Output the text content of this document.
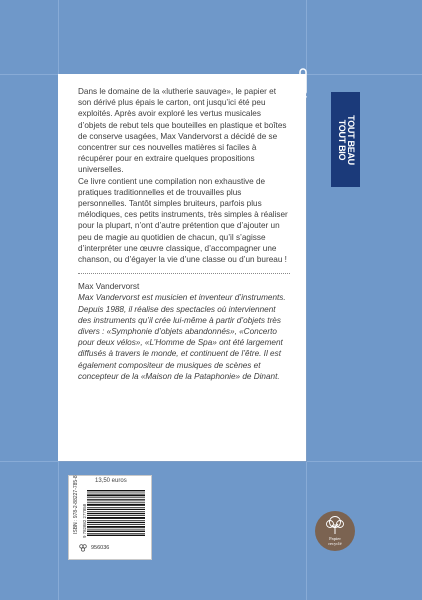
Dans le domaine de la «lutherie sauvage», le papier et son dérivé plus épais le carton, ont jusqu’ici été peu exploités. Après avoir exploré les vertus musicales d’objets de rebut tels que bouteilles en plastique et boîtes de conserve usagées, Max Vandervorst a décidé de se concentrer sur ces nouvelles matières si faciles à récupérer pour en extraire quelques propositions universelles.

Ce livre contient une compilation non exhaustive de pratiques traditionnelles et de trouvailles plus personnelles. Tantôt simples bruiteurs, parfois plus mélodiques, ces petits instruments, très simples à réaliser pour la plupart, n’ont d’autre prétention que d’ajouter un peu de magie au quotidien de chacun, qu’il s’agisse d’interpréter une œuvre classique, d’accompagner une chanson, ou d’égayer la vie d’une classe ou d’un bureau !

Max Vandervorst

Max Vandervorst est musicien et inventeur d’instruments. Depuis 1988, il réalise des spectacles où interviennent des instruments qu’il crée lui-même à partir d’objets très divers : «Symphonie d’objets abandonnés», «Concerto pour deux vélos», «L’Homme de Spa» ont été largement diffusés à travers le monde, et continuent de l’être. Il est également compositeur de musiques de scènes et concepteur de la «Maison de la Pataphonie» de Dinant.

TOUT BEAU
TOUT BIO
13,50 euros
ISBN : 978-2-88227-785-8 9 782882 277858
956036
Papier
recyclé
